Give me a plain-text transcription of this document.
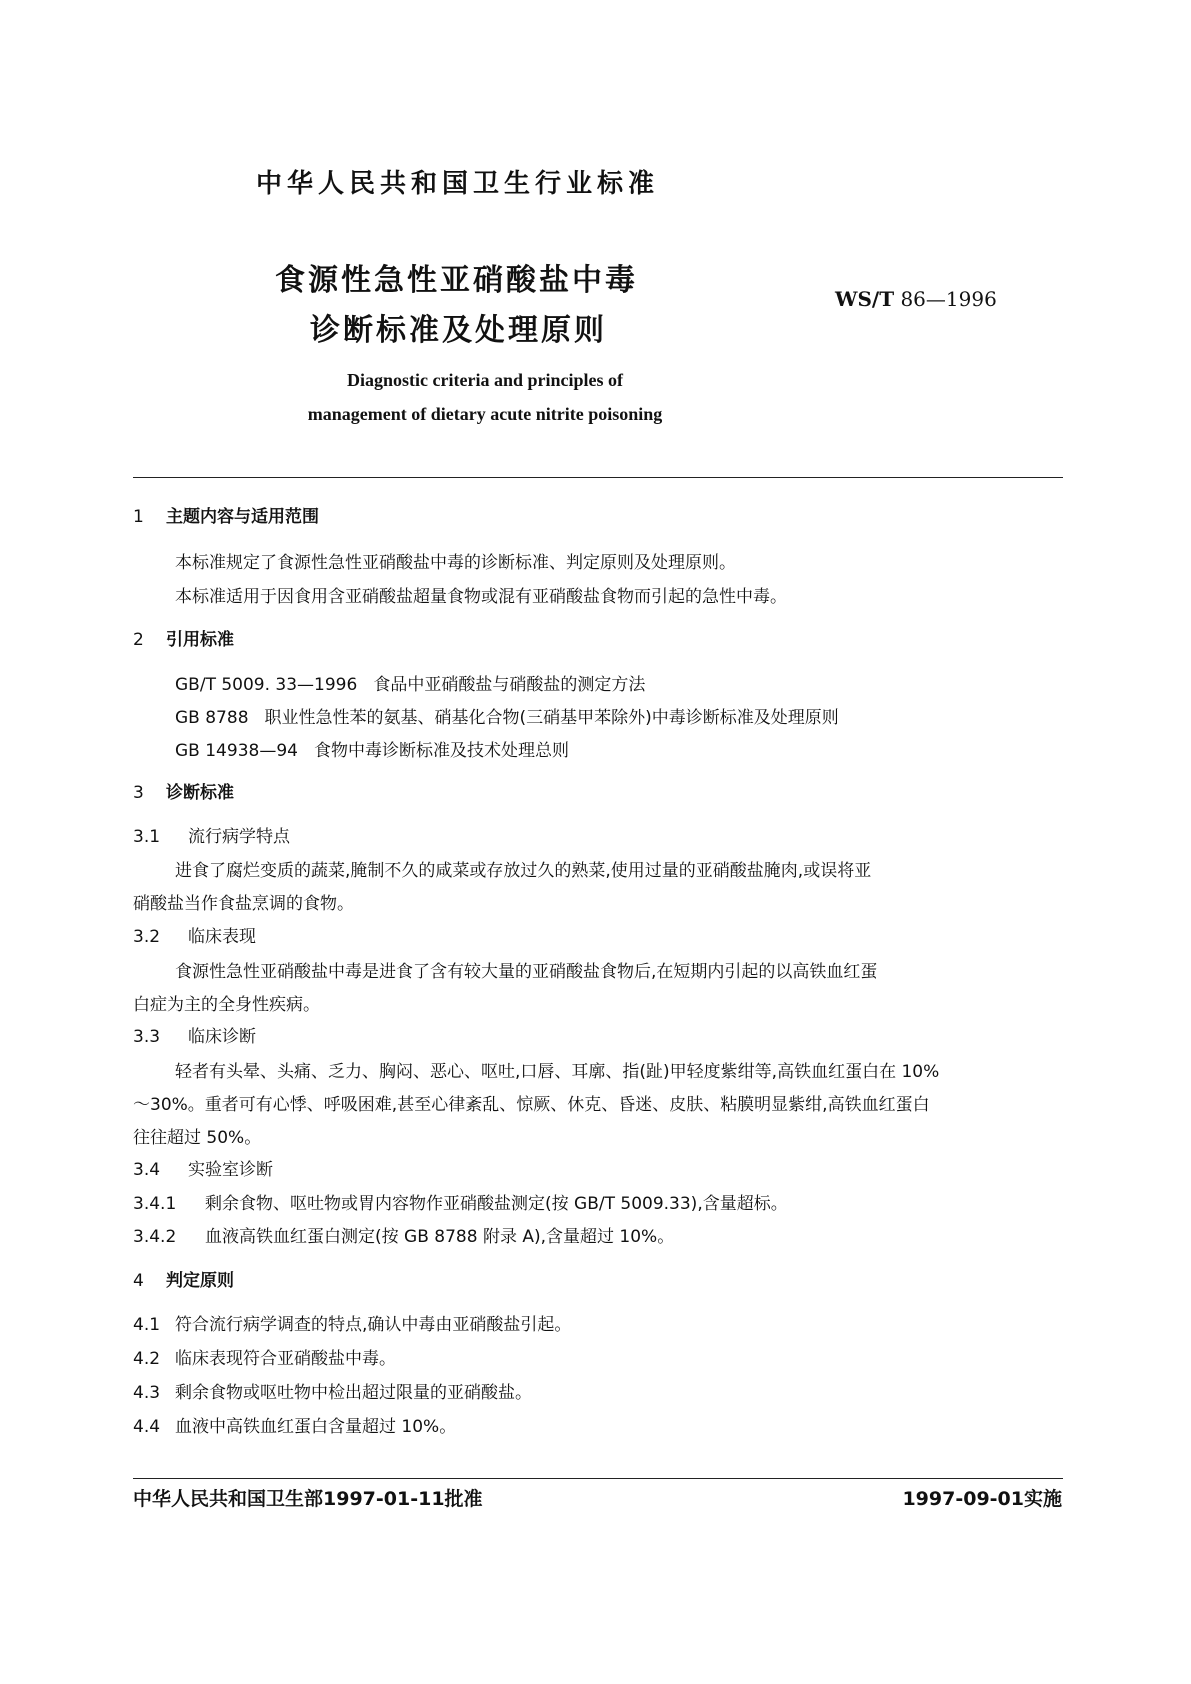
中华人民共和国卫生行业标准
食源性急性亚硝酸盐中毒
诊断标准及处理原则
WS/T 86—1996
Diagnostic criteria and principles of
management of dietary acute nitrite poisoning
1 主题内容与适用范围
本标准规定了食源性急性亚硝酸盐中毒的诊断标准、判定原则及处理原则。
本标准适用于因食用含亚硝酸盐超量食物或混有亚硝酸盐食物而引起的急性中毒。
2 引用标准
GB/T 5009. 33—1996 食品中亚硝酸盐与硝酸盐的测定方法
GB 8788 职业性急性苯的氨基、硝基化合物(三硝基甲苯除外)中毒诊断标准及处理原则
GB 14938—94 食物中毒诊断标准及技术处理总则
3 诊断标准
3.1 流行病学特点
进食了腐烂变质的蔬菜,腌制不久的咸菜或存放过久的熟菜,使用过量的亚硝酸盐腌肉,或误将亚
硝酸盐当作食盐烹调的食物。
3.2 临床表现
食源性急性亚硝酸盐中毒是进食了含有较大量的亚硝酸盐食物后,在短期内引起的以高铁血红蛋
白症为主的全身性疾病。
3.3 临床诊断
轻者有头晕、头痛、乏力、胸闷、恶心、呕吐,口唇、耳廓、指(趾)甲轻度紫绀等,高铁血红蛋白在 10%
～30%。重者可有心悸、呼吸困难,甚至心律紊乱、惊厥、休克、昏迷、皮肤、粘膜明显紫绀,高铁血红蛋白
往往超过 50%。
3.4 实验室诊断
3.4.1 剩余食物、呕吐物或胃内容物作亚硝酸盐测定(按 GB/T 5009.33),含量超标。
3.4.2 血液高铁血红蛋白测定(按 GB 8788 附录 A),含量超过 10%。
4 判定原则
4.1 符合流行病学调查的特点,确认中毒由亚硝酸盐引起。
4.2 临床表现符合亚硝酸盐中毒。
4.3 剩余食物或呕吐物中检出超过限量的亚硝酸盐。
4.4 血液中高铁血红蛋白含量超过 10%。
中华人民共和国卫生部1997-01-11批准	1997-09-01实施
